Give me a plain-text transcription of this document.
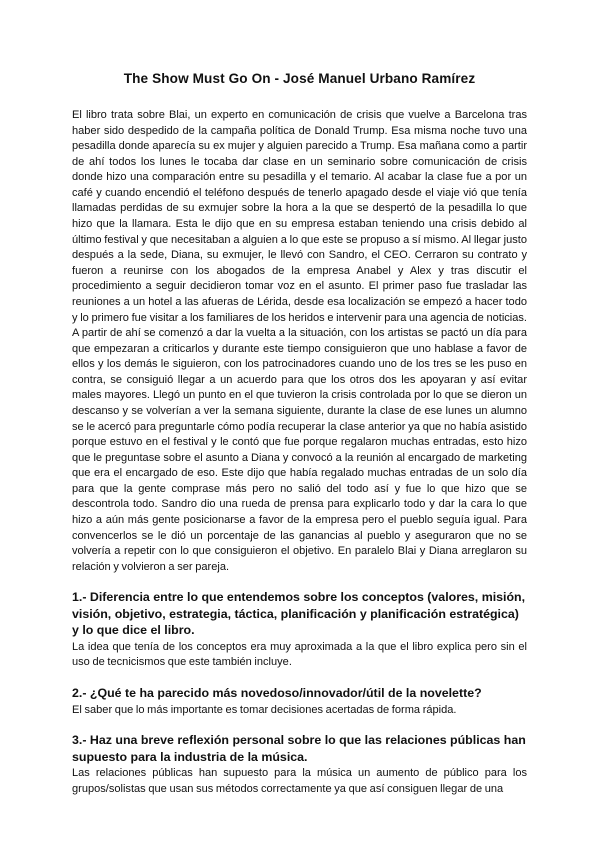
The Show Must Go On - José Manuel Urbano Ramírez

El libro trata sobre Blai, un experto en comunicación de crisis que vuelve a Barcelona tras haber sido despedido de la campaña política de Donald Trump. Esa misma noche tuvo una pesadilla donde aparecía su ex mujer y alguien parecido a Trump. Esa mañana como a partir de ahí todos los lunes le tocaba dar clase en un seminario sobre comunicación de crisis donde hizo una comparación entre su pesadilla y el temario. Al acabar la clase fue a por un café y cuando encendió el teléfono después de tenerlo apagado desde el viaje vió que tenía llamadas perdidas de su exmujer sobre la hora a la que se despertó de la pesadilla lo que hizo que la llamara. Esta le dijo que en su empresa estaban teniendo una crisis debido al último festival y que necesitaban a alguien a lo que este se propuso a sí mismo. Al llegar justo después a la sede, Diana, su exmujer, le llevó con Sandro, el CEO. Cerraron su contrato y fueron a reunirse con los abogados de la empresa Anabel y Alex y tras discutir el procedimiento a seguir decidieron tomar voz en el asunto. El primer paso fue trasladar las reuniones a un hotel a las afueras de Lérida, desde esa localización se empezó a hacer todo y lo primero fue visitar a los familiares de los heridos e intervenir para una agencia de noticias. A partir de ahí se comenzó a dar la vuelta a la situación, con los artistas se pactó un día para que empezaran a criticarlos y durante este tiempo consiguieron que uno hablase a favor de ellos y los demás le siguieron, con los patrocinadores cuando uno de los tres se les puso en contra, se consiguió llegar a un acuerdo para que los otros dos les apoyaran y así evitar males mayores. Llegó un punto en el que tuvieron la crisis controlada por lo que se dieron un descanso y se volverían a ver la semana siguiente, durante la clase de ese lunes un alumno se le acercó para preguntarle cómo podía recuperar la clase anterior ya que no había asistido porque estuvo en el festival y le contó que fue porque regalaron muchas entradas, esto hizo que le preguntase sobre el asunto a Diana y convocó a la reunión al encargado de marketing que era el encargado de eso. Este dijo que había regalado muchas entradas de un solo día para que la gente comprase más pero no salió del todo así y fue lo que hizo que se descontrola todo. Sandro dio una rueda de prensa para explicarlo todo y dar la cara lo que hizo a aún más gente posicionarse a favor de la empresa pero el pueblo seguía igual. Para convencerlos se le dió un porcentaje de las ganancias al pueblo y aseguraron que no se volvería a repetir con lo que consiguieron el objetivo. En paralelo Blai y Diana arreglaron su relación y volvieron a ser pareja.

1.- Diferencia entre lo que entendemos sobre los conceptos (valores, misión, visión, objetivo, estrategia, táctica, planificación y planificación estratégica) y lo que dice el libro.

La idea que tenía de los conceptos era muy aproximada a la que el libro explica pero sin el uso de tecnicismos que este también incluye.

2.- ¿Qué te ha parecido más novedoso/innovador/útil de la novelette?

El saber que lo más importante es tomar decisiones acertadas de forma rápida.

3.- Haz una breve reflexión personal sobre lo que las relaciones públicas han supuesto para la industria de la música.

Las relaciones públicas han supuesto para la música un aumento de público para los grupos/solistas que usan sus métodos correctamente ya que así consiguen llegar de una
